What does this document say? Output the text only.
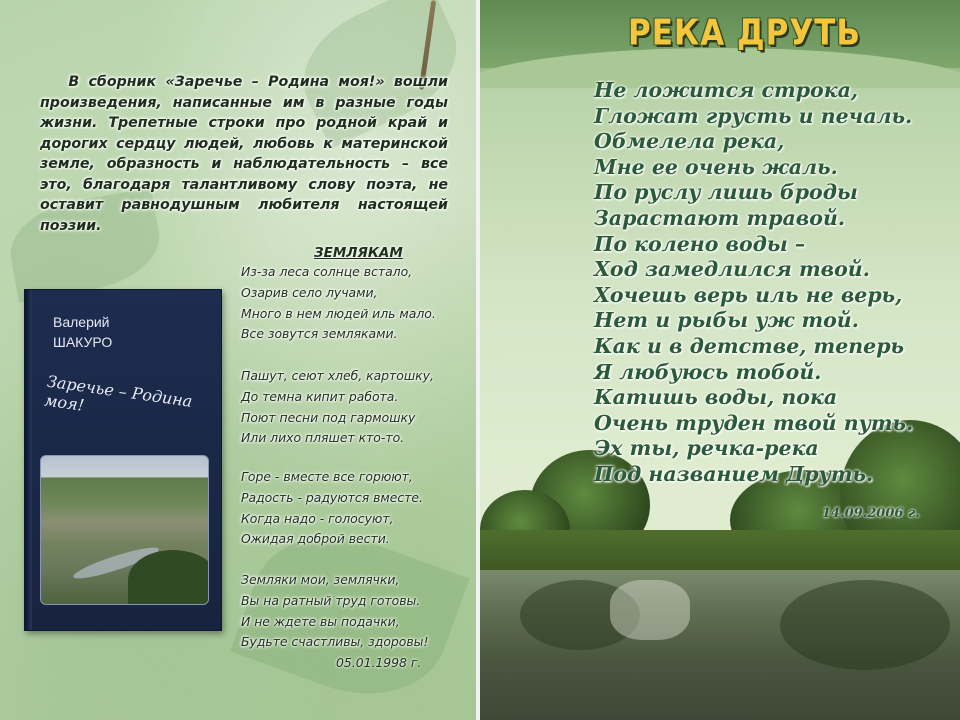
В сборник «Заречье – Родина моя!» вошли произведения, написанные им в разные годы жизни. Трепетные строки про родной край и дорогих сердцу людей, любовь к материнской земле, образность и наблюдательность – все это, благодаря талантливому слову поэта, не оставит равнодушным любителя настоящей поэзии.
Валерий
ШАКУРО
Заречье – Родина моя!
ЗЕМЛЯКАМ
Из-за леса солнце встало,
Озарив село лучами,
Много в нем людей иль мало.
Все зовутся земляками.
Пашут, сеют хлеб, картошку,
До темна кипит работа.
Поют песни под гармошку
Или лихо пляшет кто-то.
Горе - вместе все горюют,
Радость - радуются вместе.
Когда надо - голосуют,
Ожидая доброй вести.
Земляки мои, землячки,
Вы на ратный труд готовы.
И не ждете вы подачки,
Будьте счастливы, здоровы!
05.01.1998 г.
РЕКА ДРУТЬ
Не ложится строка,
Гложат грусть и печаль.
Обмелела река,
Мне ее очень жаль.
По руслу лишь броды
Зарастают травой.
По колено воды –
Ход замедлился твой.
Хочешь верь иль не верь,
Нет и рыбы уж той.
Как и в детстве, теперь
Я любуюсь тобой.
Катишь воды, пока
Очень труден твой путь.
Эх ты, речка-река
Под названием Друть.
14.09.2006 г.
